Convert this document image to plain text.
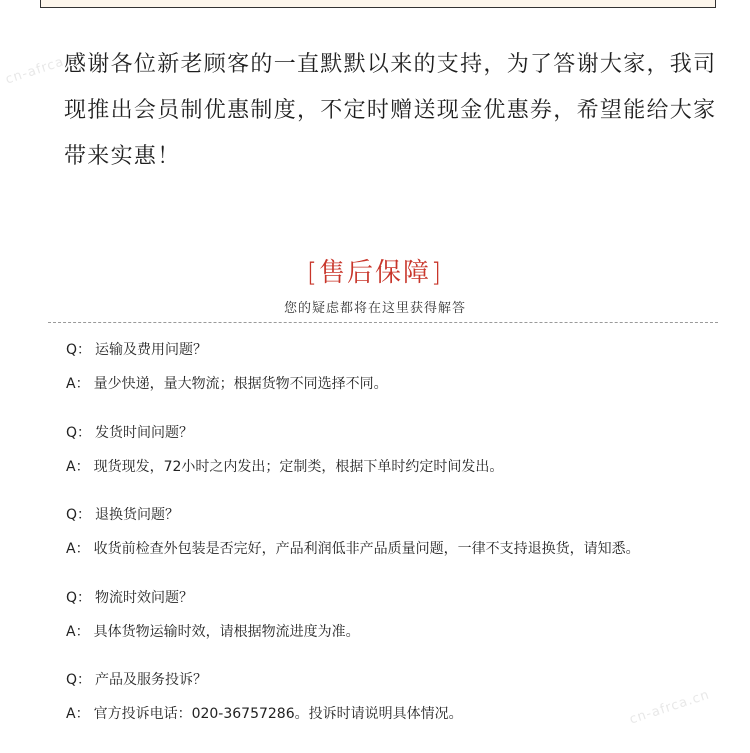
cn-afrca.cn
cn-afrca.cn
感谢各位新老顾客的一直默默以来的支持，为了答谢大家，我司
现推出会员制优惠制度，不定时赠送现金优惠券，希望能给大家
带来实惠！
[售后保障]
您的疑虑都将在这里获得解答
Q： 运输及费用问题？
A： 量少快递，量大物流；根据货物不同选择不同。
Q： 发货时间问题？
A： 现货现发，72小时之内发出；定制类，根据下单时约定时间发出。
Q： 退换货问题？
A： 收货前检查外包装是否完好，产品利润低非产品质量问题，一律不支持退换货，请知悉。
Q： 物流时效问题？
A： 具体货物运输时效，请根据物流进度为准。
Q： 产品及服务投诉？
A： 官方投诉电话：020-36757286。投诉时请说明具体情况。
